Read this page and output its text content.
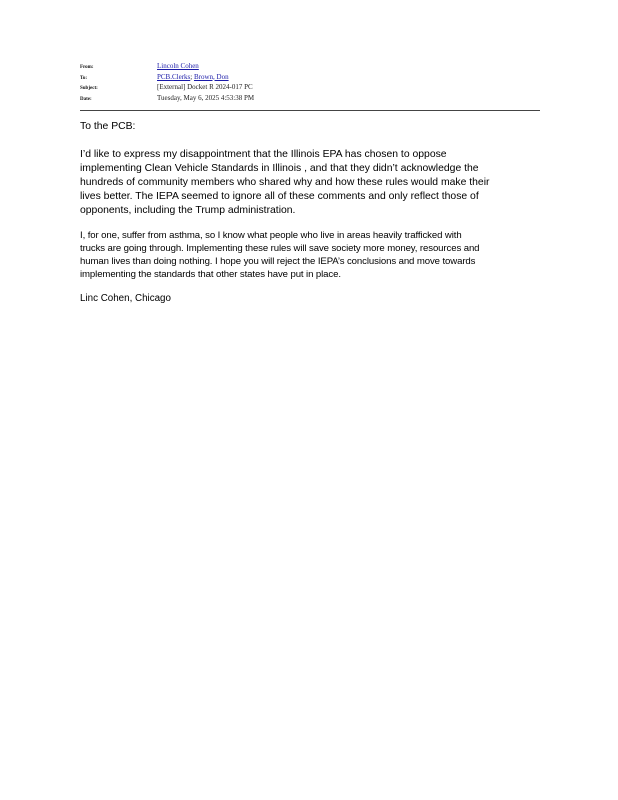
From:	Lincoln Cohen
To:	PCB.Clerks; Brown, Don
Subject:	[External] Docket R 2024-017 PC
Date:	Tuesday, May 6, 2025 4:53:38 PM

To the PCB:

I’d like to express my disappointment that the Illinois EPA has chosen to oppose
implementing Clean Vehicle Standards in Illinois , and that they didn’t acknowledge the
hundreds of community members who shared why and how these rules would make their
lives better. The IEPA seemed to ignore all of these comments and only reflect those of
opponents, including the Trump administration.

I, for one, suffer from asthma, so I know what people who live in areas heavily trafficked with
trucks are going through. Implementing these rules will save society more money, resources and
human lives than doing nothing. I hope you will reject the IEPA’s conclusions and move towards
implementing the standards that other states have put in place.

Linc Cohen, Chicago
